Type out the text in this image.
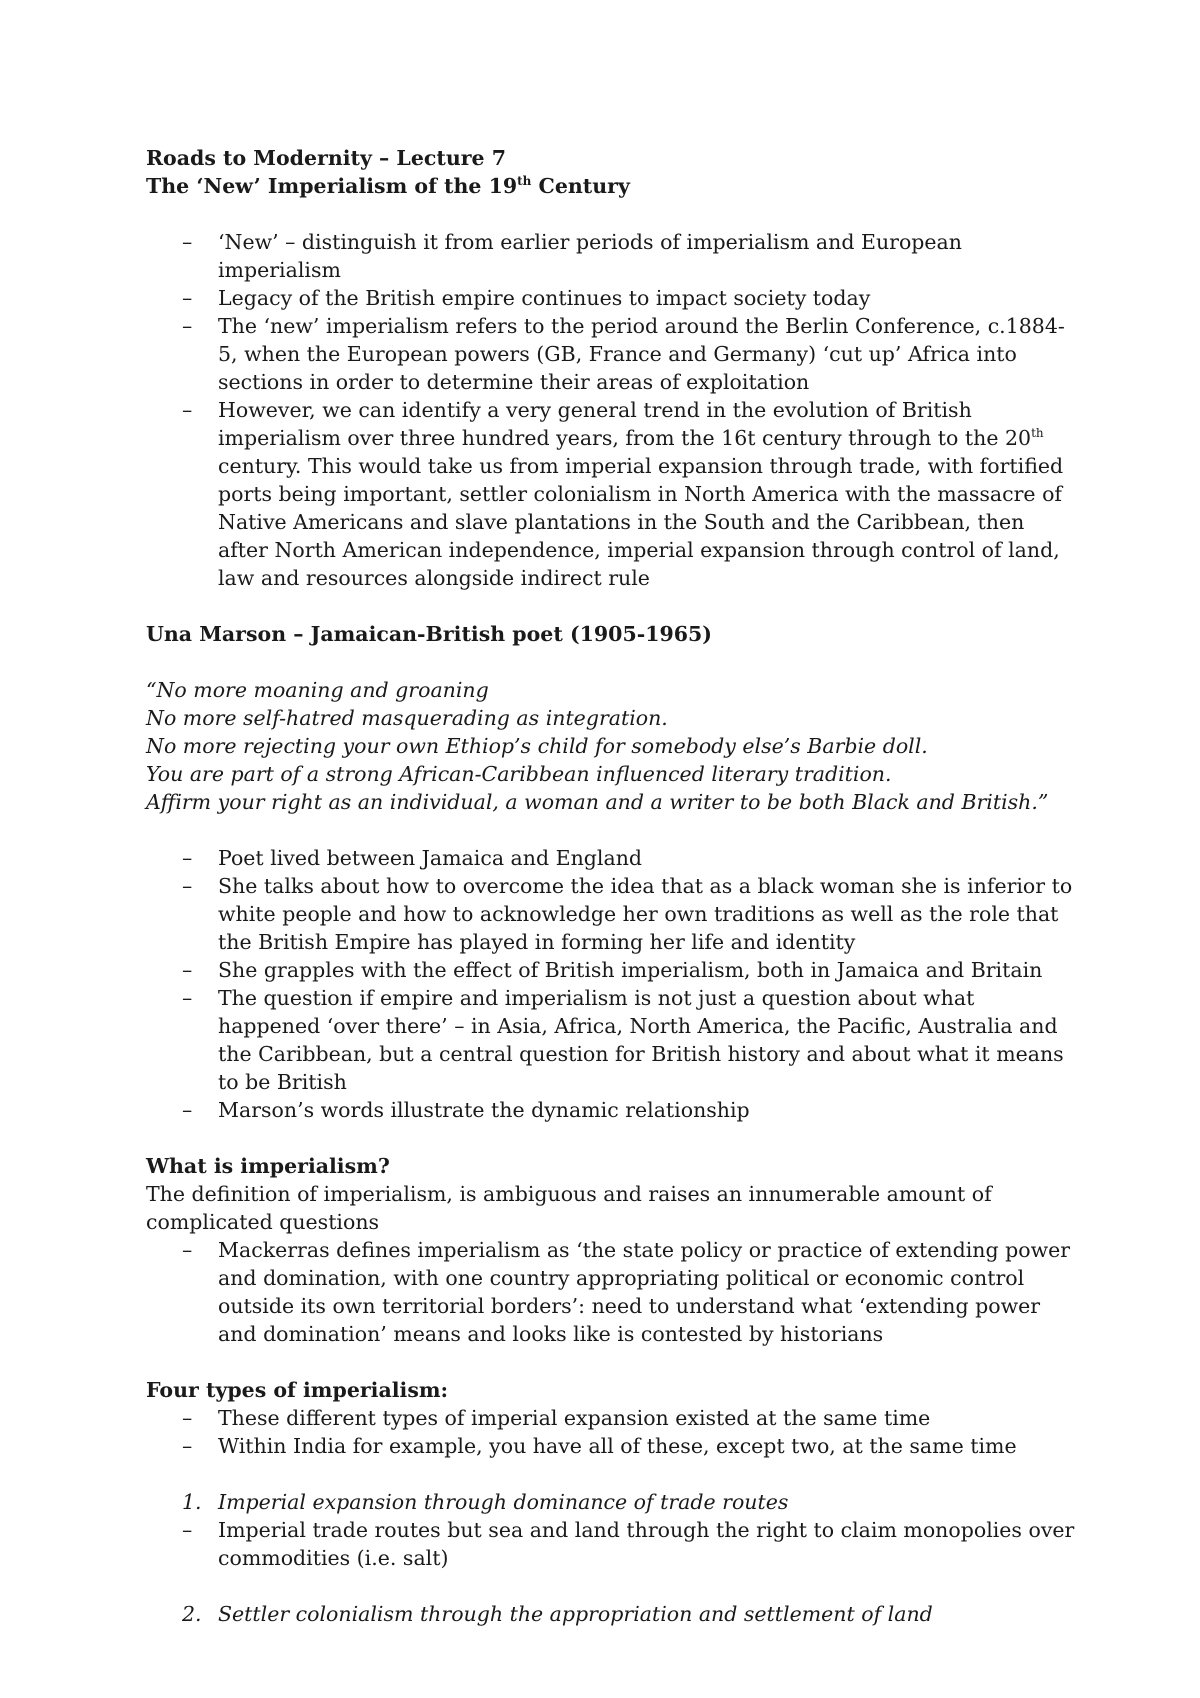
Roads to Modernity – Lecture 7

The ‘New’ Imperialism of the 19th Century

– ‘New’ – distinguish it from earlier periods of imperialism and European imperialism
– Legacy of the British empire continues to impact society today
– The ‘new’ imperialism refers to the period around the Berlin Conference, c.1884-5, when the European powers (GB, France and Germany) ‘cut up’ Africa into sections in order to determine their areas of exploitation
– However, we can identify a very general trend in the evolution of British imperialism over three hundred years, from the 16t century through to the 20th century. This would take us from imperial expansion through trade, with fortified ports being important, settler colonialism in North America with the massacre of Native Americans and slave plantations in the South and the Caribbean, then after North American independence, imperial expansion through control of land, law and resources alongside indirect rule

Una Marson – Jamaican-British poet (1905-1965)

“No more moaning and groaning
No more self-hatred masquerading as integration.
No more rejecting your own Ethiop’s child for somebody else’s Barbie doll.
You are part of a strong African-Caribbean influenced literary tradition.
Affirm your right as an individual, a woman and a writer to be both Black and British.”
– Poet lived between Jamaica and England
– She talks about how to overcome the idea that as a black woman she is inferior to white people and how to acknowledge her own traditions as well as the role that the British Empire has played in forming her life and identity
– She grapples with the effect of British imperialism, both in Jamaica and Britain
– The question if empire and imperialism is not just a question about what happened ‘over there’ – in Asia, Africa, North America, the Pacific, Australia and the Caribbean, but a central question for British history and about what it means to be British
– Marson’s words illustrate the dynamic relationship

What is imperialism?

The definition of imperialism, is ambiguous and raises an innumerable amount of complicated questions

– Mackerras defines imperialism as ‘the state policy or practice of extending power and domination, with one country appropriating political or economic control outside its own territorial borders’: need to understand what ‘extending power and domination’ means and looks like is contested by historians

Four types of imperialism:

– These different types of imperial expansion existed at the same time
– Within India for example, you have all of these, except two, at the same time
1. Imperial expansion through dominance of trade routes
– Imperial trade routes but sea and land through the right to claim monopolies over commodities (i.e. salt)
2. Settler colonialism through the appropriation and settlement of land
